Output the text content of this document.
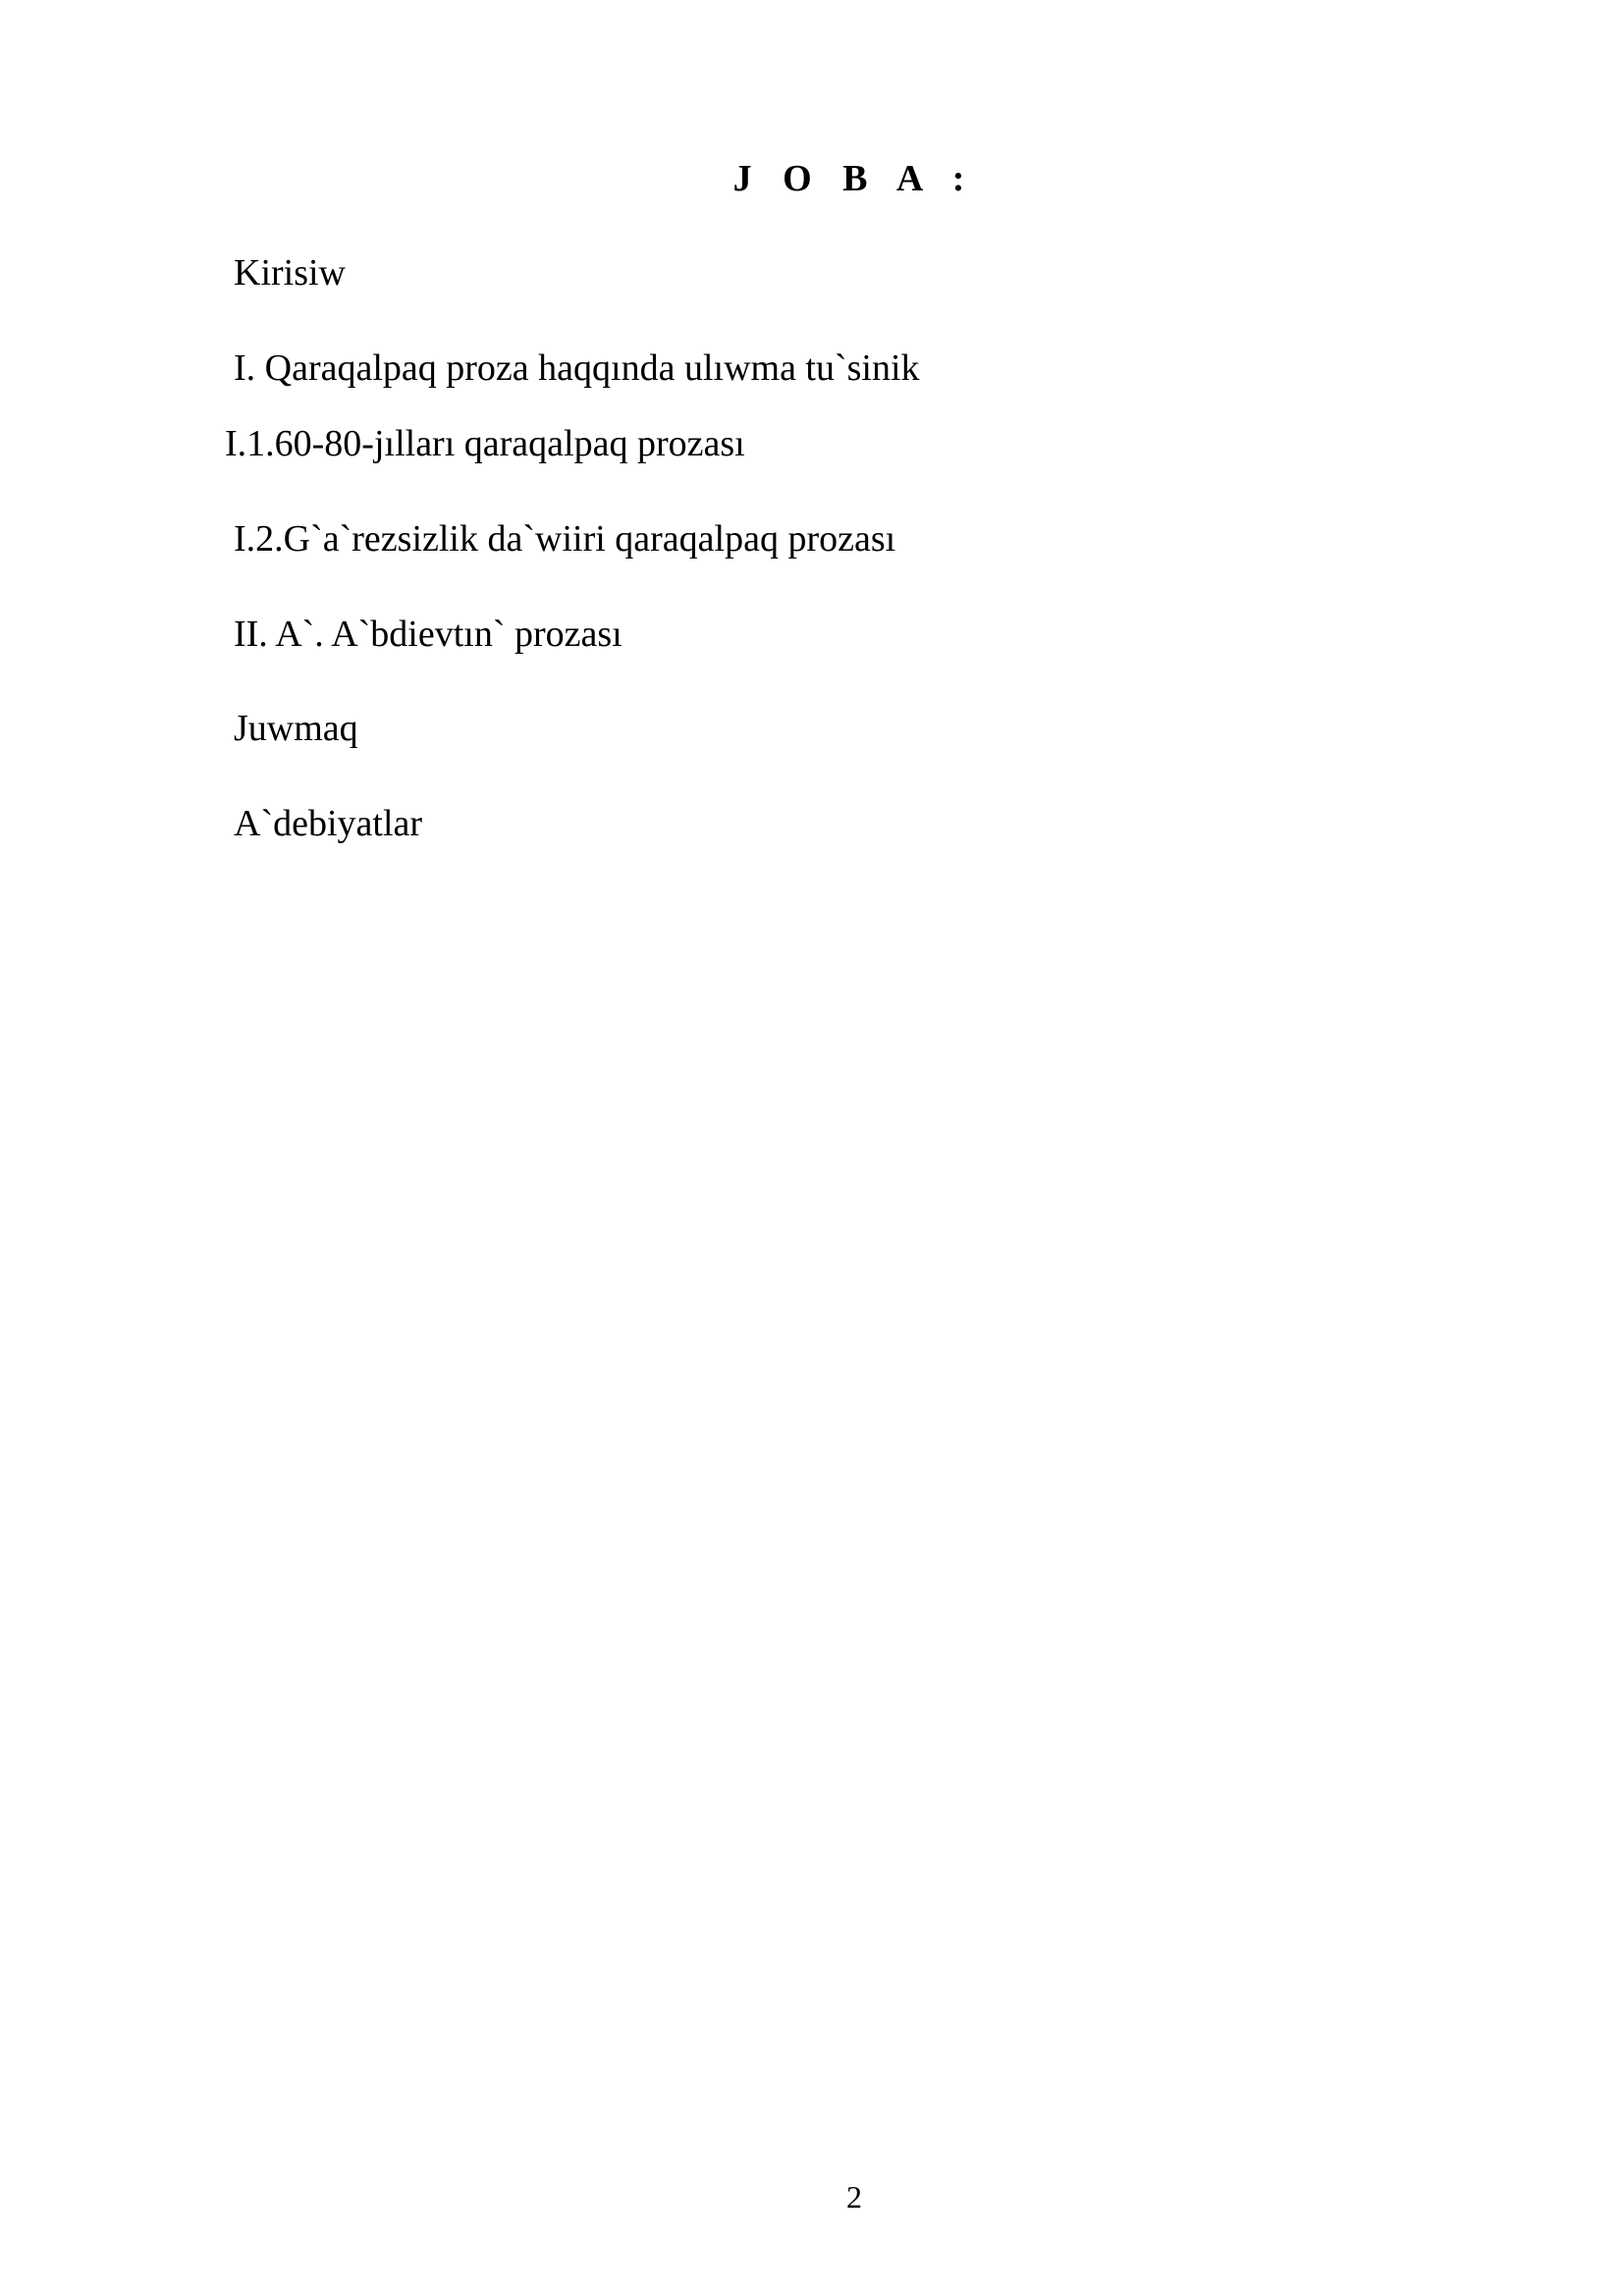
J O B A :
Kirisiw
I. Qaraqalpaq proza haqqında ulıwma tu`sinik
I.1.60-80-jılları qaraqalpaq prozası
I.2.G`a`rezsizlik da`wiiri qaraqalpaq prozası
II. A`. A`bdievtın` prozası
Juwmaq
A`debiyatlar
2
